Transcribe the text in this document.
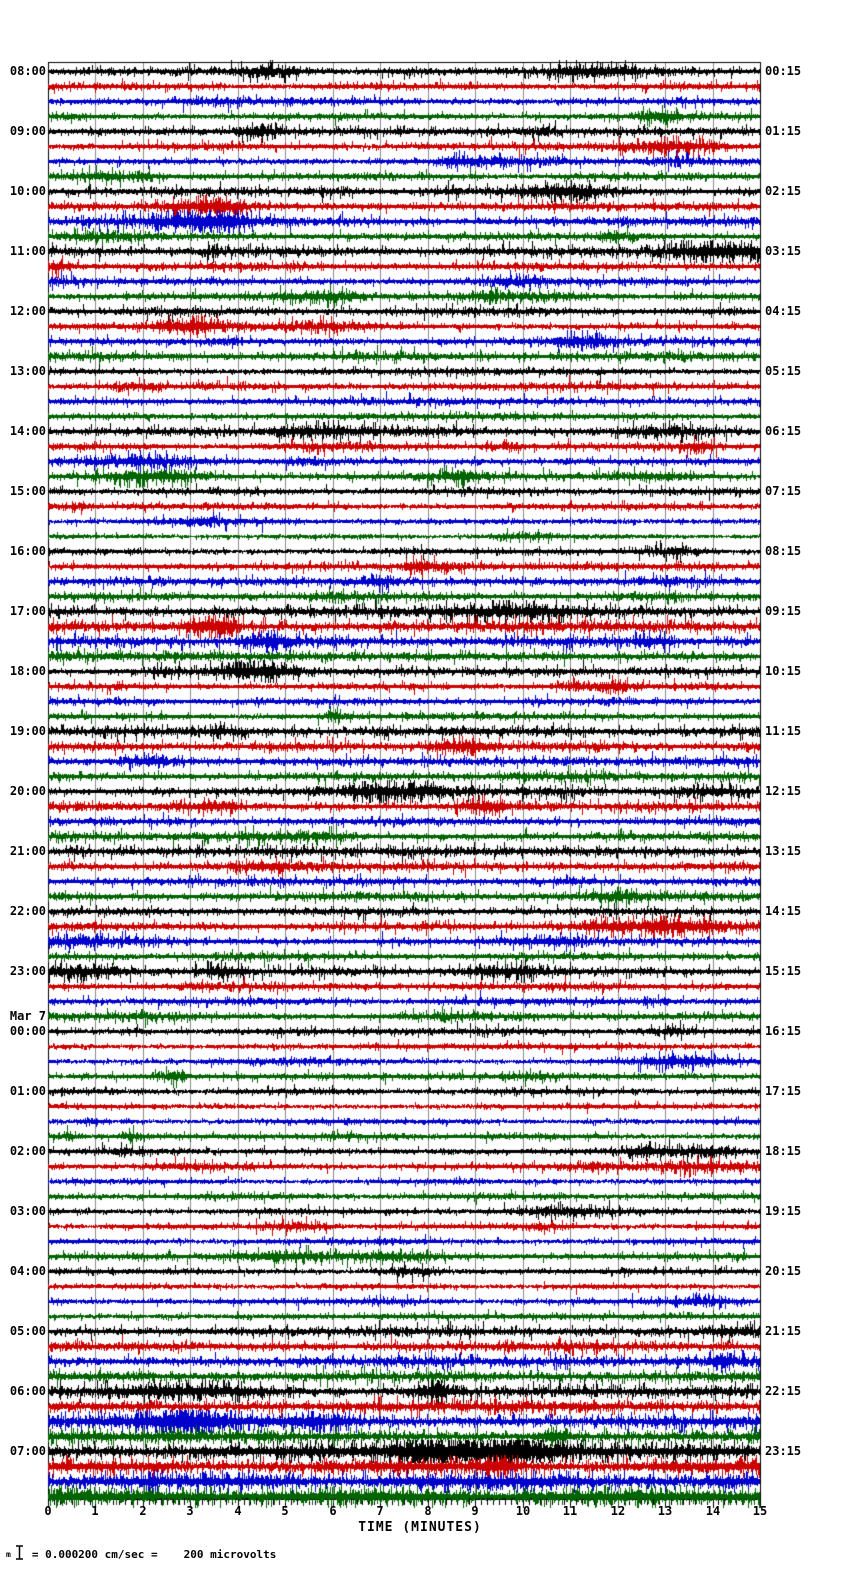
08:00
09:00
10:00
11:00
12:00
13:00
14:00
15:00
16:00
17:00
18:00
19:00
20:00
21:00
22:00
23:00
00:00
Mar 7
01:00
02:00
03:00
04:00
05:00
06:00
07:00
00:15
01:15
02:15
03:15
04:15
05:15
06:15
07:15
08:15
09:15
10:15
11:15
12:15
13:15
14:15
15:15
16:15
17:15
18:15
19:15
20:15
21:15
22:15
23:15
0	1	2	3	4	5	6	7	8	9	10	11	12	13	14	15
TIME (MINUTES)
m = 0.000200 cm/sec = 200 microvolts
